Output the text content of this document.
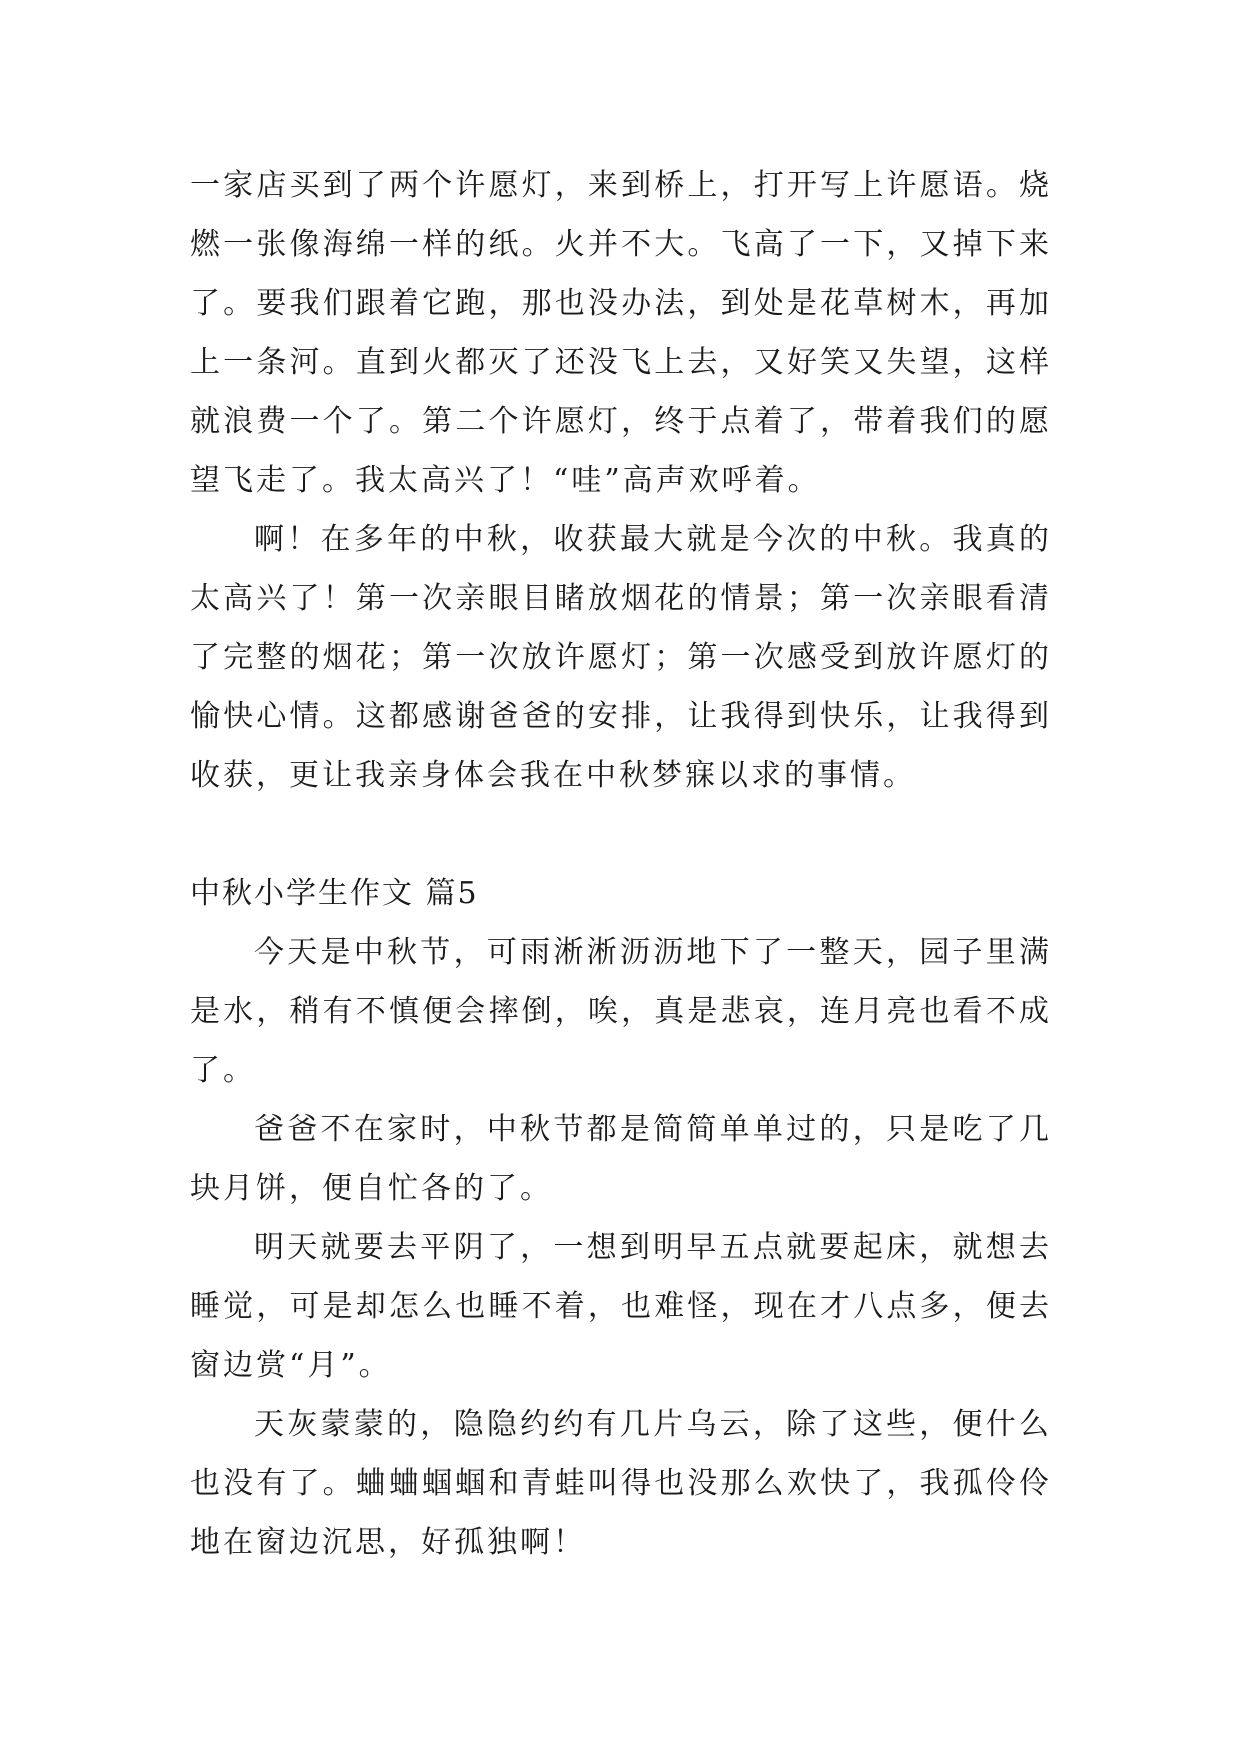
一家店买到了两个许愿灯，来到桥上，打开写上许愿语。烧燃一张像海绵一样的纸。火并不大。飞高了一下，又掉下来了。要我们跟着它跑，那也没办法，到处是花草树木，再加上一条河。直到火都灭了还没飞上去，又好笑又失望，这样就浪费一个了。第二个许愿灯，终于点着了，带着我们的愿望飞走了。我太高兴了！“哇”高声欢呼着。

啊！在多年的中秋，收获最大就是今次的中秋。我真的太高兴了！第一次亲眼目睹放烟花的情景；第一次亲眼看清了完整的烟花；第一次放许愿灯；第一次感受到放许愿灯的愉快心情。这都感谢爸爸的安排，让我得到快乐，让我得到收获，更让我亲身体会我在中秋梦寐以求的事情。

中秋小学生作文 篇5

今天是中秋节，可雨淅淅沥沥地下了一整天，园子里满是水，稍有不慎便会摔倒，唉，真是悲哀，连月亮也看不成了。

爸爸不在家时，中秋节都是简简单单过的，只是吃了几块月饼，便自忙各的了。

明天就要去平阴了，一想到明早五点就要起床，就想去睡觉，可是却怎么也睡不着，也难怪，现在才八点多，便去窗边赏“月”。

天灰蒙蒙的，隐隐约约有几片乌云，除了这些，便什么也没有了。蛐蛐蝈蝈和青蛙叫得也没那么欢快了，我孤伶伶地在窗边沉思，好孤独啊！
